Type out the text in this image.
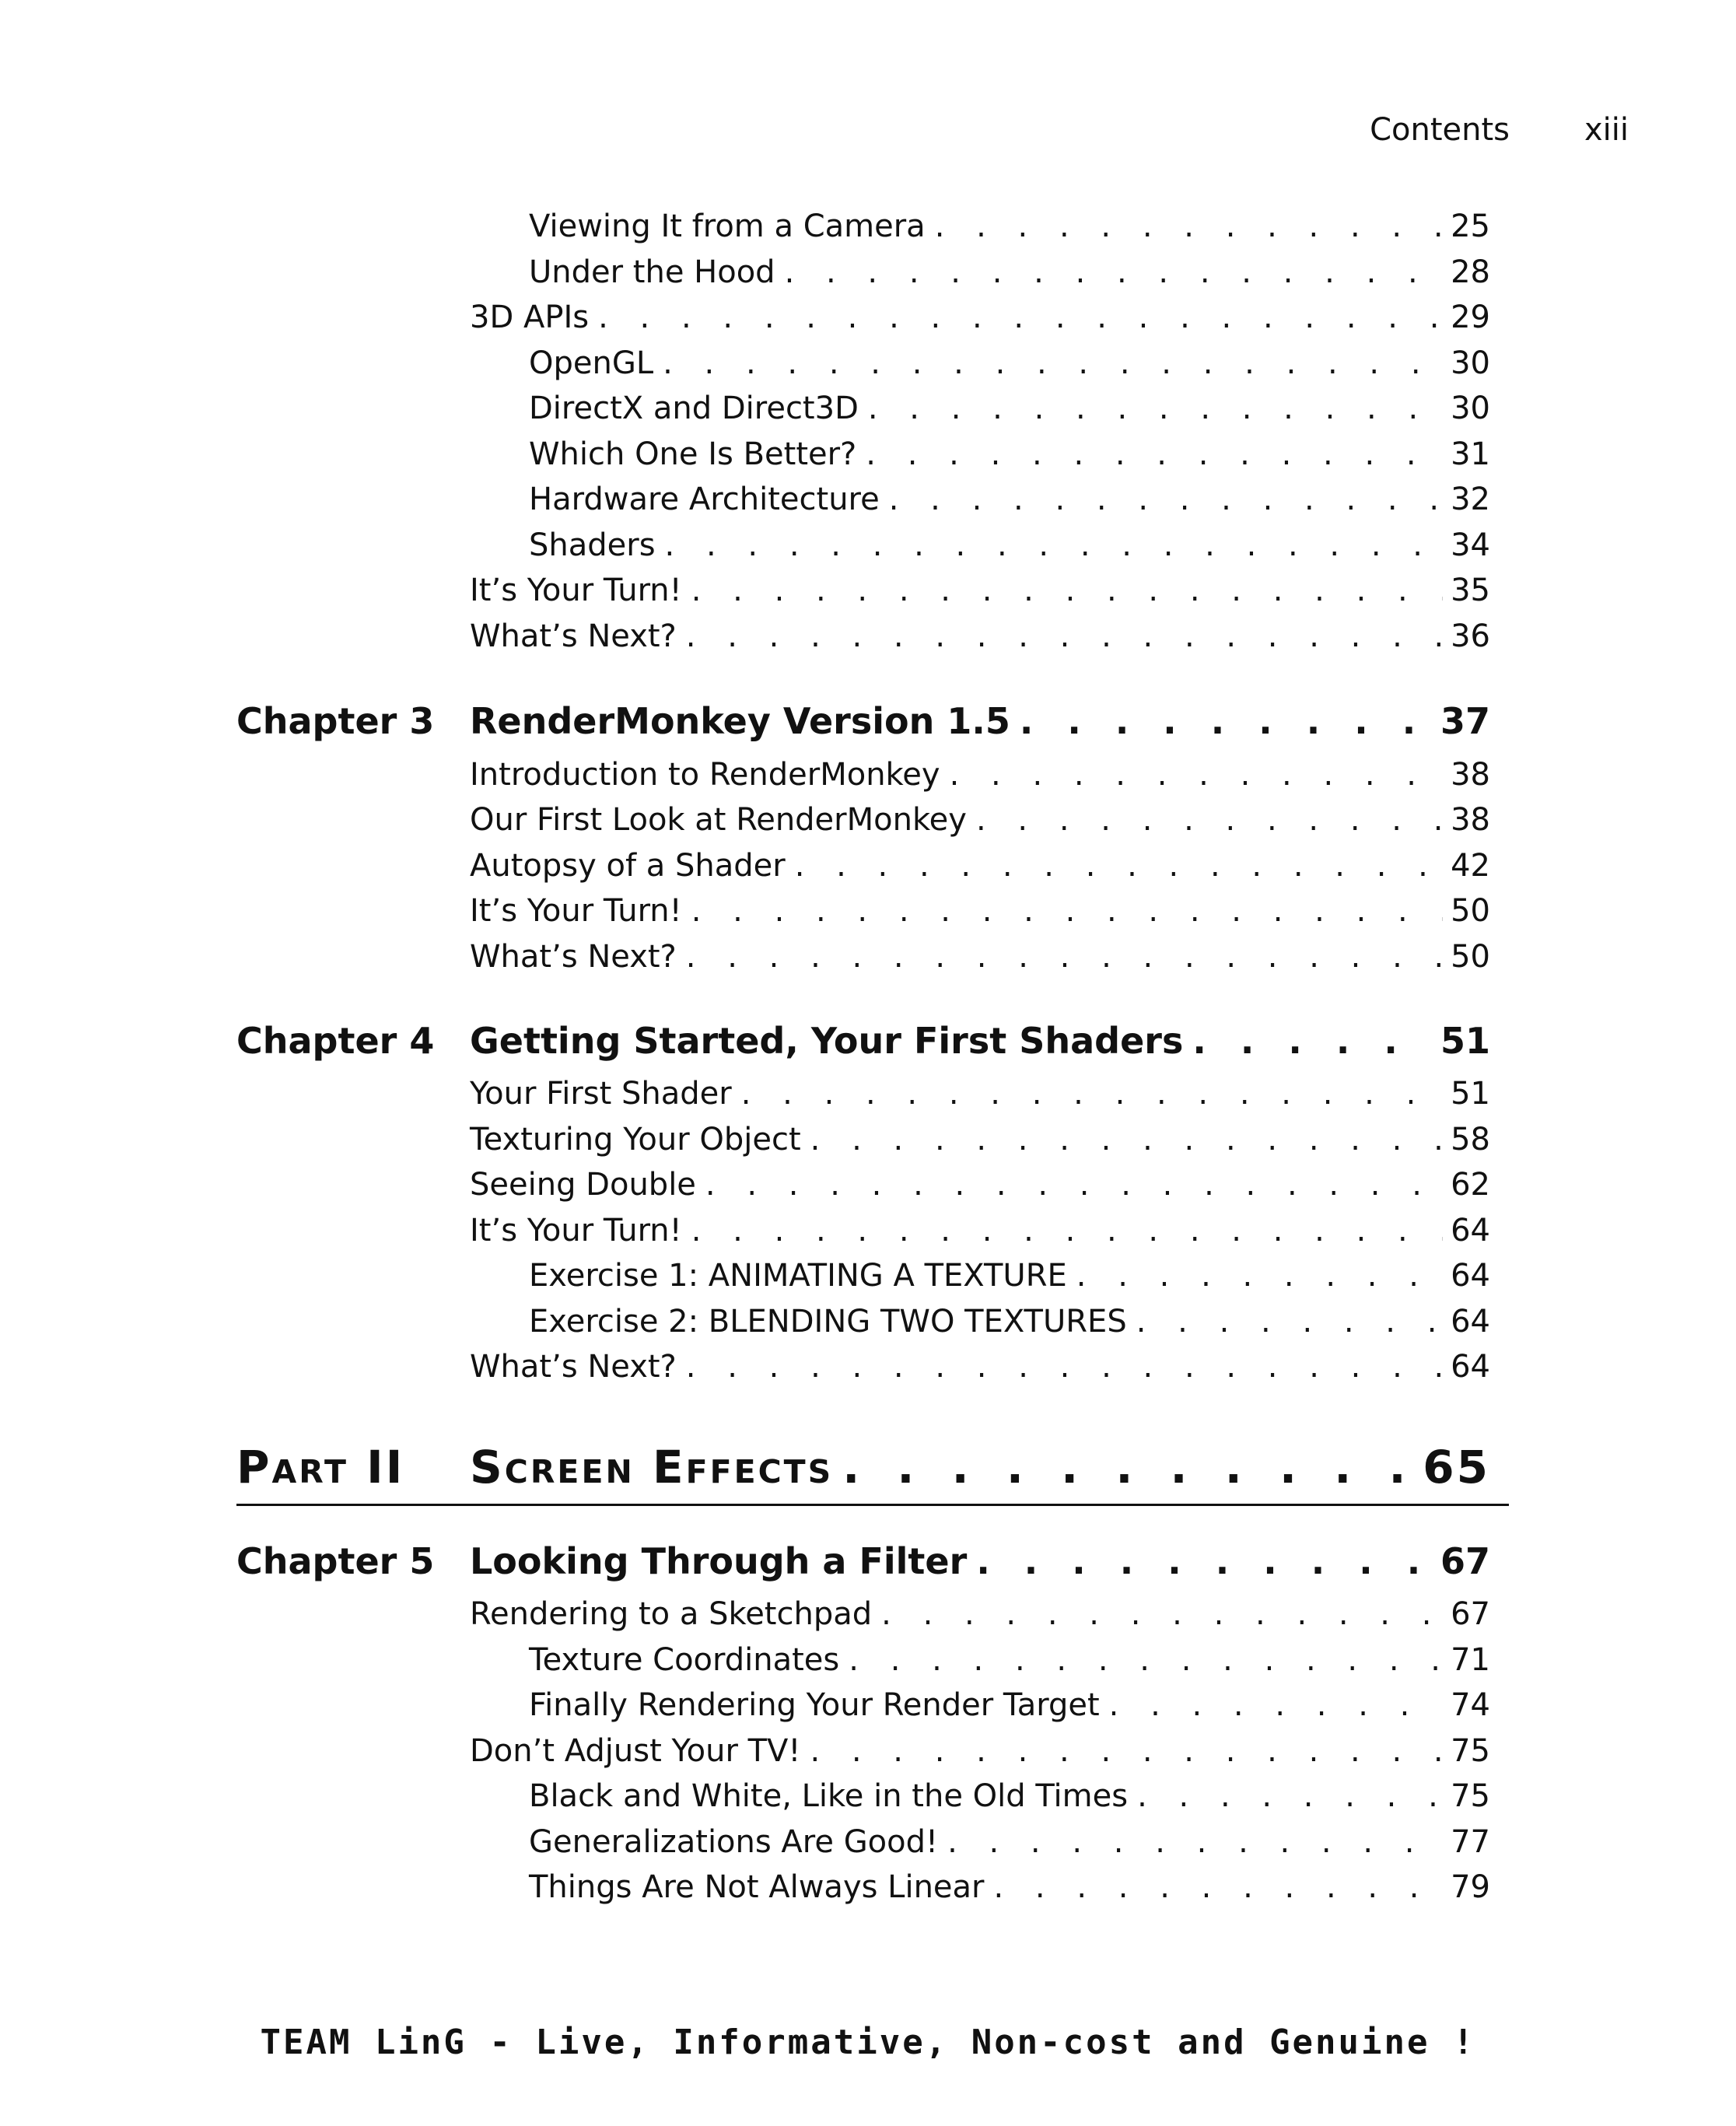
Contents xiii
Viewing It from a Camera . . .	25
Under the Hood . . .	28
3D APIs . . .	29
OpenGL . . .	30
DirectX and Direct3D . . .	30
Which One Is Better? . . .	31
Hardware Architecture . . .	32
Shaders . . .	34
It’s Your Turn! . . .	35
What’s Next? . . .	36
Chapter 3 RenderMonkey Version 1.5 . . .	37
Introduction to RenderMonkey . . .	38
Our First Look at RenderMonkey . . .	38
Autopsy of a Shader . . .	42
It’s Your Turn! . . .	50
What’s Next? . . .	50
Chapter 4 Getting Started, Your First Shaders . . .	51
Your First Shader . . .	51
Texturing Your Object . . .	58
Seeing Double . . .	62
It’s Your Turn! . . .	64
Exercise 1: ANIMATING A TEXTURE . . .	64
Exercise 2: BLENDING TWO TEXTURES . . .	64
What’s Next? . . .	64
Part II Screen Effects . . .	65
Chapter 5 Looking Through a Filter . . .	67
Rendering to a Sketchpad . . .	67
Texture Coordinates . . .	71
Finally Rendering Your Render Target . . .	74
Don’t Adjust Your TV! . . .	75
Black and White, Like in the Old Times . . .	75
Generalizations Are Good! . . .	77
Things Are Not Always Linear . . .	79
TEAM LinG - Live, Informative, Non-cost and Genuine !
